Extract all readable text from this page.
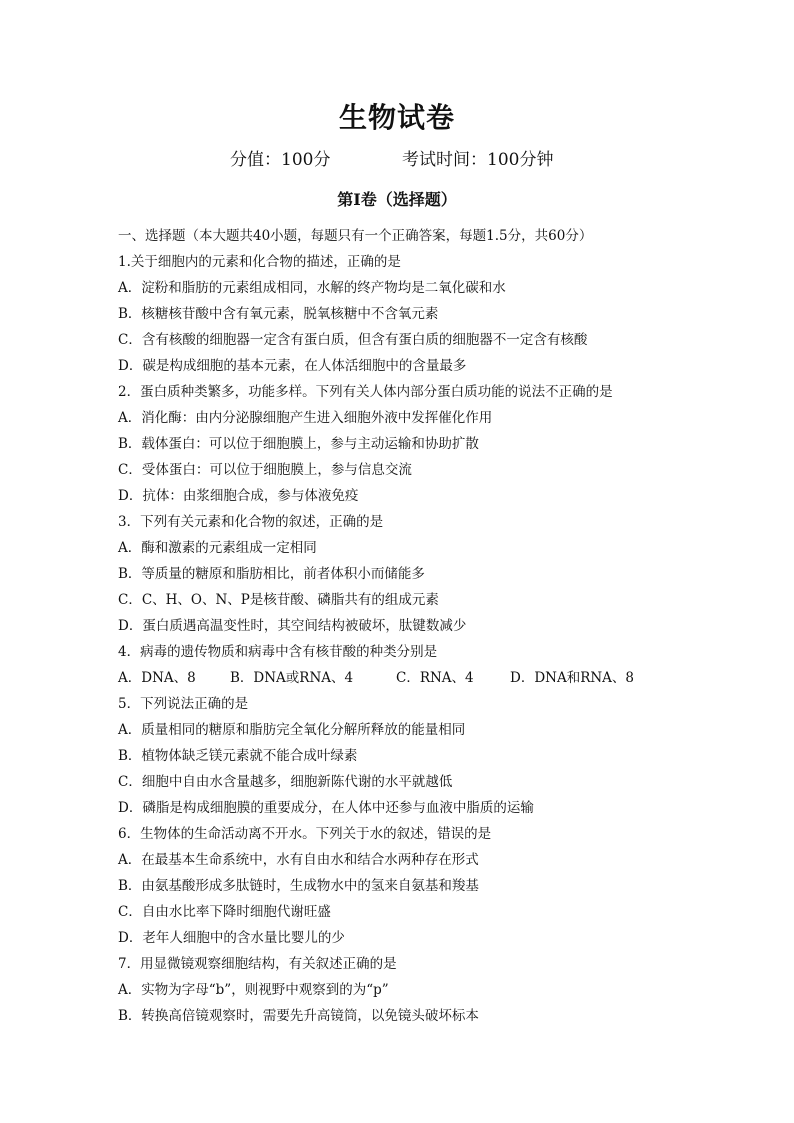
生物试卷
分值：100分	考试时间：100分钟
第Ⅰ卷（选择题）
一、选择题（本大题共40小题，每题只有一个正确答案，每题1.5分，共60分）
1.关于细胞内的元素和化合物的描述，正确的是
A．淀粉和脂肪的元素组成相同，水解的终产物均是二氧化碳和水
B．核糖核苷酸中含有氧元素，脱氧核糖中不含氧元素
C．含有核酸的细胞器一定含有蛋白质，但含有蛋白质的细胞器不一定含有核酸
D．碳是构成细胞的基本元素，在人体活细胞中的含量最多
2．蛋白质种类繁多，功能多样。下列有关人体内部分蛋白质功能的说法不正确的是
A．消化酶：由内分泌腺细胞产生进入细胞外液中发挥催化作用
B．载体蛋白：可以位于细胞膜上，参与主动运输和协助扩散
C．受体蛋白：可以位于细胞膜上，参与信息交流
D．抗体：由浆细胞合成，参与体液免疫
3．下列有关元素和化合物的叙述，正确的是
A．酶和激素的元素组成一定相同
B．等质量的糖原和脂肪相比，前者体积小而储能多
C．C、H、O、N、P是核苷酸、磷脂共有的组成元素
D．蛋白质遇高温变性时，其空间结构被破坏，肽键数减少
4．病毒的遗传物质和病毒中含有核苷酸的种类分别是
A．DNA、8	B．DNA或RNA、4	C．RNA、4	D．DNA和RNA、8
5．下列说法正确的是
A．质量相同的糖原和脂肪完全氧化分解所释放的能量相同
B．植物体缺乏镁元素就不能合成叶绿素
C．细胞中自由水含量越多，细胞新陈代谢的水平就越低
D．磷脂是构成细胞膜的重要成分，在人体中还参与血液中脂质的运输
6．生物体的生命活动离不开水。下列关于水的叙述，错误的是
A．在最基本生命系统中，水有自由水和结合水两种存在形式
B．由氨基酸形成多肽链时，生成物水中的氢来自氨基和羧基
C．自由水比率下降时细胞代谢旺盛
D．老年人细胞中的含水量比婴儿的少
7．用显微镜观察细胞结构，有关叙述正确的是
A．实物为字母“b”，则视野中观察到的为“p”
B．转换高倍镜观察时，需要先升高镜筒，以免镜头破坏标本
